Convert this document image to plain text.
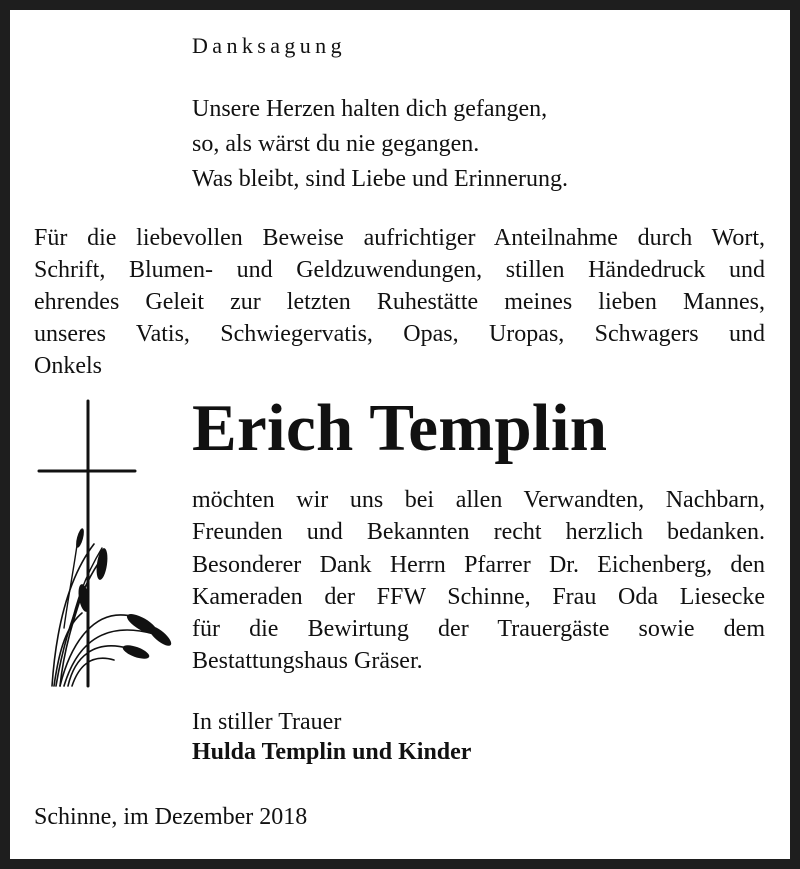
Danksagung
Unsere Herzen halten dich gefangen,
so, als wärst du nie gegangen.
Was bleibt, sind Liebe und Erinnerung.
Für die liebevollen Beweise aufrichtiger Anteilnahme durch Wort,
Schrift, Blumen- und Geldzuwendungen, stillen Händedruck und
ehrendes Geleit zur letzten Ruhestätte meines lieben Mannes,
unseres Vatis, Schwiegervatis, Opas, Uropas, Schwagers und
Onkels
Erich Templin
möchten wir uns bei allen Verwandten, Nachbarn,
Freunden und Bekannten recht herzlich bedanken.
Besonderer Dank Herrn Pfarrer Dr. Eichenberg, den
Kameraden der FFW Schinne, Frau Oda Liesecke
für die Bewirtung der Trauergäste sowie dem
Bestattungshaus Gräser.
In stiller Trauer
Hulda Templin und Kinder
Schinne, im Dezember 2018
